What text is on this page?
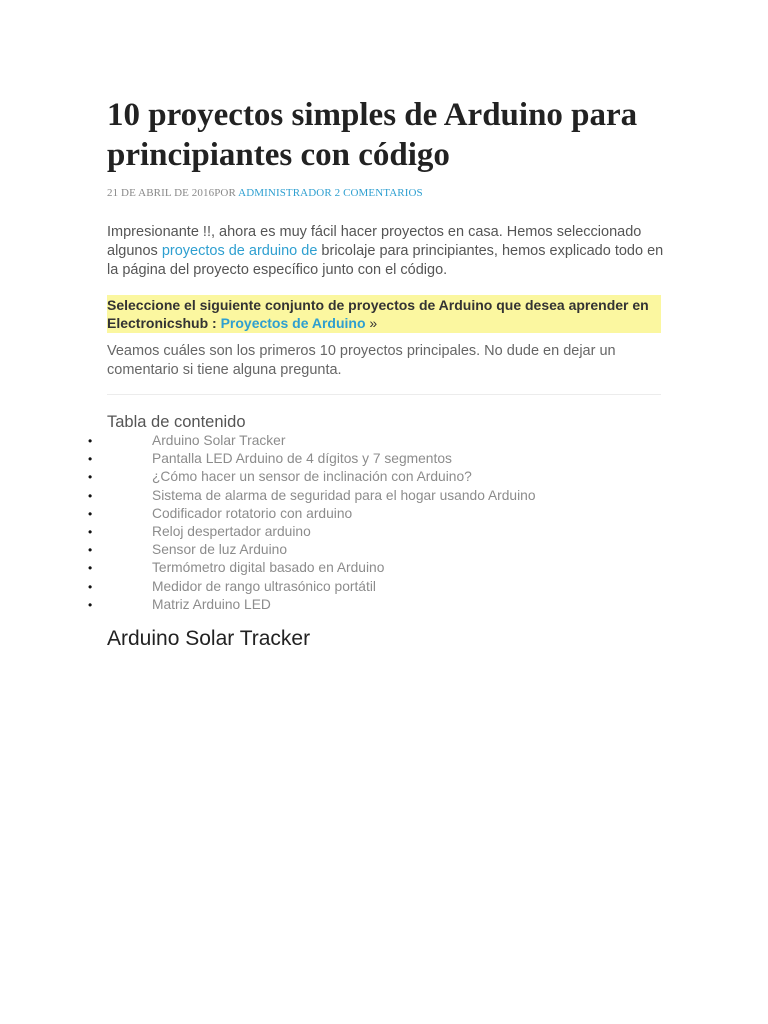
10 proyectos simples de Arduino para principiantes con código
21 DE ABRIL DE 2016POR ADMINISTRADOR 2 COMENTARIOS
Impresionante !!, ahora es muy fácil hacer proyectos en casa. Hemos seleccionado algunos proyectos de arduino de bricolaje para principiantes, hemos explicado todo en la página del proyecto específico junto con el código.
Seleccione el siguiente conjunto de proyectos de Arduino que desea aprender en Electronicshub : Proyectos de Arduino »
Veamos cuáles son los primeros 10 proyectos principales. No dude en dejar un comentario si tiene alguna pregunta.
Tabla de contenido
•	Arduino Solar Tracker
•	Pantalla LED Arduino de 4 dígitos y 7 segmentos
•	¿Cómo hacer un sensor de inclinación con Arduino?
•	Sistema de alarma de seguridad para el hogar usando Arduino
•	Codificador rotatorio con arduino
•	Reloj despertador arduino
•	Sensor de luz Arduino
•	Termómetro digital basado en Arduino
•	Medidor de rango ultrasónico portátil
•	Matriz Arduino LED
Arduino Solar Tracker
